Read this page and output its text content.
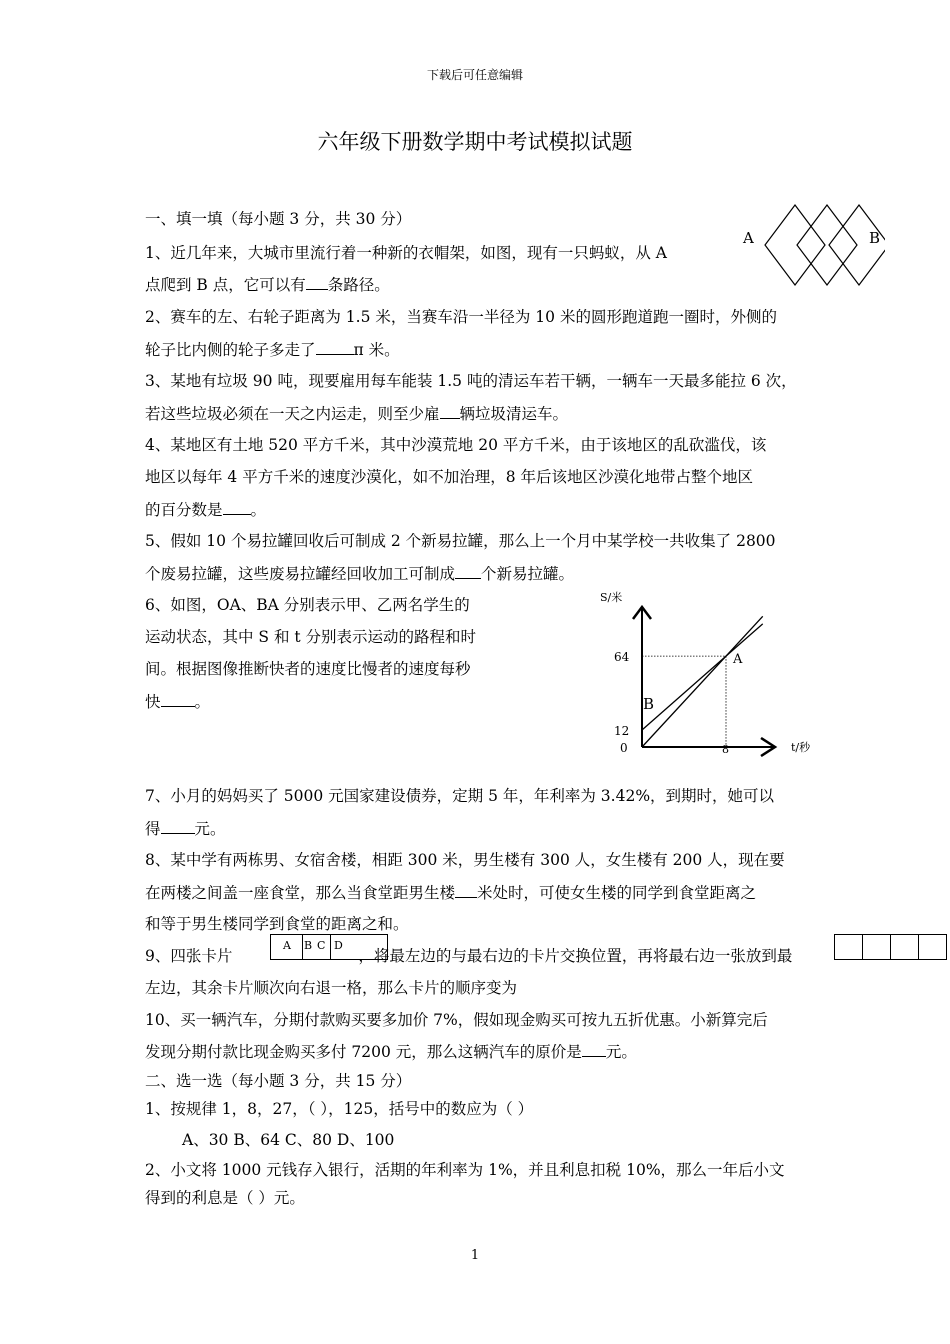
下载后可任意编辑
六年级下册数学期中考试模拟试题
一、填一填（每小题 3 分，共 30 分）
1、近几年来，大城市里流行着一种新的衣帽架，如图，现有一只蚂蚁，从 A
点爬到 B 点，它可以有 条路径。
A	B
2、赛车的左、右轮子距离为 1.5 米，当赛车沿一半径为 10 米的圆形跑道跑一圈时，外侧的
轮子比内侧的轮子多走了 π 米。
3、某地有垃圾 90 吨，现要雇用每车能装 1.5 吨的清运车若干辆，一辆车一天最多能拉 6 次，
若这些垃圾必须在一天之内运走，则至少雇 辆垃圾清运车。
4、某地区有土地 520 平方千米，其中沙漠荒地 20 平方千米，由于该地区的乱砍滥伐，该
地区以每年 4 平方千米的速度沙漠化，如不加治理，8 年后该地区沙漠化地带占整个地区
的百分数是 。
5、假如 10 个易拉罐回收后可制成 2 个新易拉罐，那么上一个月中某学校一共收集了 2800
个废易拉罐，这些废易拉罐经回收加工可制成 个新易拉罐。
6、如图，OA、BA 分别表示甲、乙两名学生的
运动状态，其中 S 和 t 分别表示运动的路程和时
间。根据图像推断快者的速度比慢者的速度每秒
快 。
S/米
t/秒
0
12
64
8
A
B
7、小月的妈妈买了 5000 元国家建设债券，定期 5 年，年利率为 3.42%，到期时，她可以
得 元。
8、某中学有两栋男、女宿舍楼，相距 300 米，男生楼有 300 人，女生楼有 200 人，现在要
在两楼之间盖一座食堂，那么当食堂距男生楼 米处时，可使女生楼的同学到食堂距离之
和等于男生楼同学到食堂的距离之和。
9、四张卡片	，将最左边的与最右边的卡片交换位置，再将最右边一张放到最
A B C D
左边，其余卡片顺次向右退一格，那么卡片的顺序变为
10、买一辆汽车，分期付款购买要多加价 7%，假如现金购买可按九五折优惠。小新算完后
发现分期付款比现金购买多付 7200 元，那么这辆汽车的原价是 元。
二、选一选（每小题 3 分，共 15 分）
1、按规律 1，8，27，（ ），125，括号中的数应为（ ）
A、30 B、64 C、80 D、100
2、小文将 1000 元钱存入银行，活期的年利率为 1%，并且利息扣税 10%，那么一年后小文
得到的利息是（ ）元。
1
